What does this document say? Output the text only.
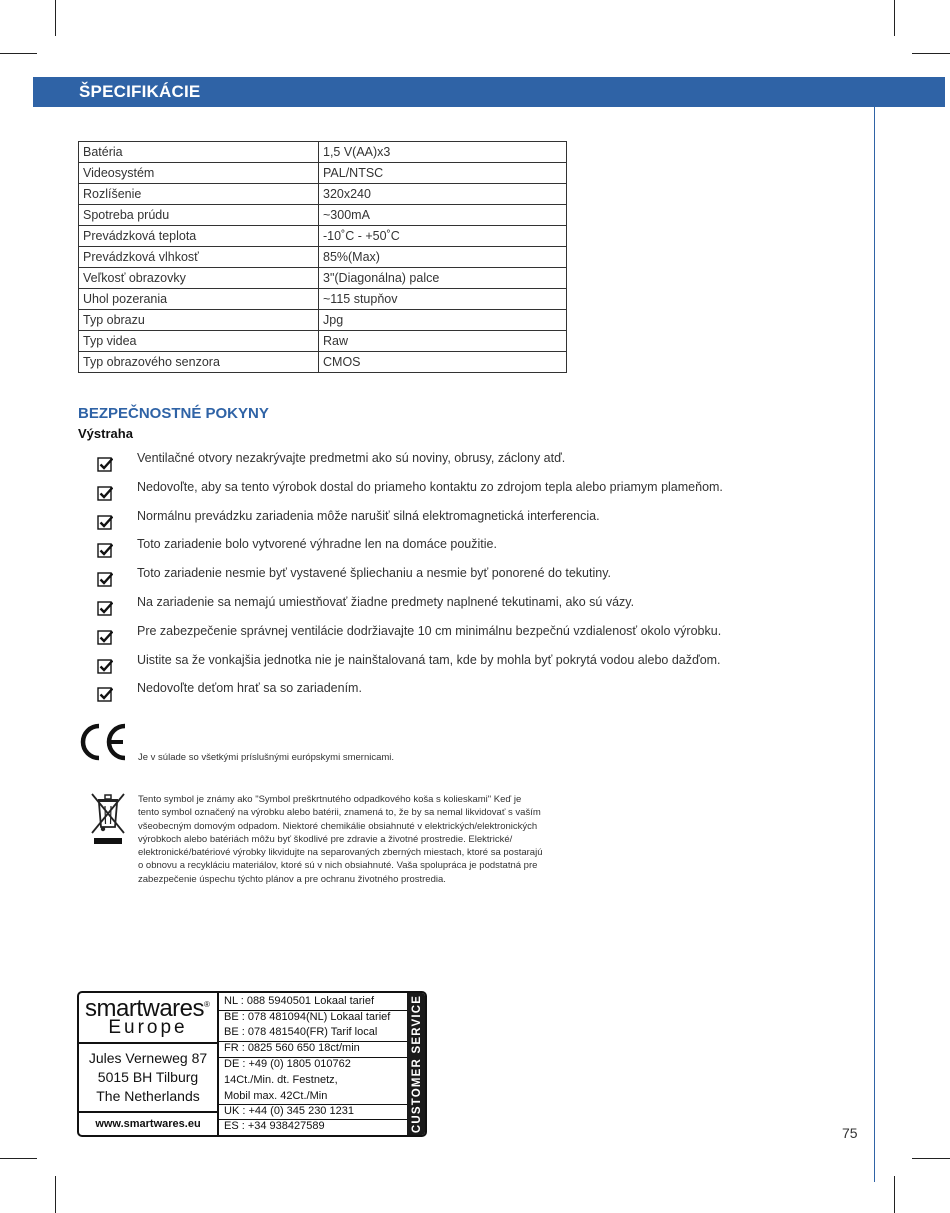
ŠPECIFIKÁCIE
Batéria	1,5 V(AA)x3
Videosystém	PAL/NTSC
Rozlíšenie	320x240
Spotreba prúdu	~300mA
Prevádzková teplota	-10˚C - +50˚C
Prevádzková vlhkosť	85%(Max)
Veľkosť obrazovky	3"(Diagonálna) palce
Uhol pozerania	~115 stupňov
Typ obrazu	Jpg
Typ videa	Raw
Typ obrazového senzora	CMOS
BEZPEČNOSTNÉ POKYNY
Výstraha
Ventilačné otvory nezakrývajte predmetmi ako sú noviny, obrusy, záclony atď.
Nedovoľte, aby sa tento výrobok dostal do priameho kontaktu zo zdrojom tepla alebo priamym plameňom.
Normálnu prevádzku zariadenia môže narušiť silná elektromagnetická interferencia.
Toto zariadenie bolo vytvorené výhradne len na domáce použitie.
Toto zariadenie nesmie byť vystavené špliechaniu a nesmie byť ponorené do tekutiny.
Na zariadenie sa nemajú umiestňovať žiadne predmety naplnené tekutinami, ako sú vázy.
Pre zabezpečenie správnej ventilácie dodržiavajte 10 cm minimálnu bezpečnú vzdialenosť okolo výrobku.
Uistite sa že vonkajšia jednotka nie je nainštalovaná tam, kde by mohla byť pokrytá vodou alebo dažďom.
Nedovoľte deťom hrať sa so zariadením.
Je v súlade so všetkými príslušnými európskymi smernicami.
Tento symbol je známy ako "Symbol preškrtnutého odpadkového koša s kolieskami" Keď je
tento symbol označený na výrobku alebo batérii, znamená to, že by sa nemal likvidovať s vaším
všeobecným domovým odpadom. Niektoré chemikálie obsiahnuté v elektrických/elektronických
výrobkoch alebo batériách môžu byť škodlivé pre zdravie a životné prostredie. Elektrické/
elektronické/batériové výrobky likvidujte na separovaných zberných miestach, ktoré sa postarajú
o obnovu a recykláciu materiálov, ktoré sú v nich obsiahnuté. Vaša spolupráca je podstatná pre
zabezpečenie úspechu týchto plánov a pre ochranu životného prostredia.
smartwares®
Europe
Jules Verneweg 87
5015 BH Tilburg
The Netherlands
www.smartwares.eu
NL : 088 5940501 Lokaal tarief
BE : 078 481094(NL) Lokaal tarief
BE : 078 481540(FR) Tarif local
FR : 0825 560 650 18ct/min
DE : +49 (0) 1805 010762
14Ct./Min. dt. Festnetz,
Mobil max. 42Ct./Min
UK : +44 (0) 345 230 1231
ES : +34 938427589	CUSTOMER SERVICE	75
